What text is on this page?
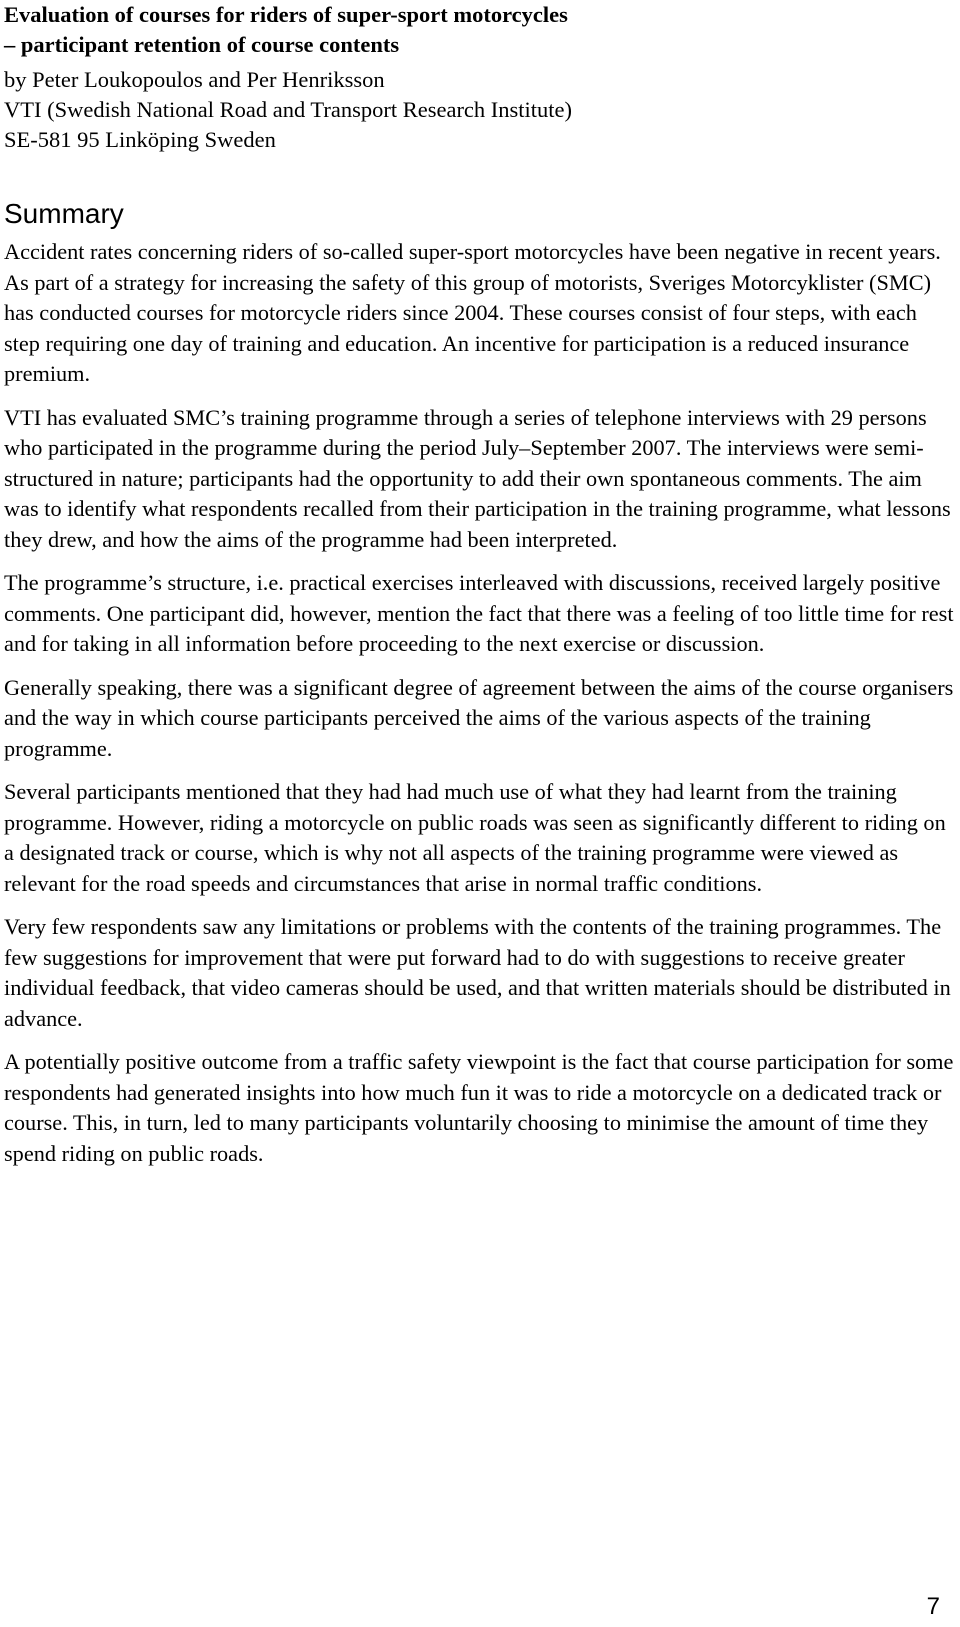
Evaluation of courses for riders of super-sport motorcycles
– participant retention of course contents
by Peter Loukopoulos and Per Henriksson
VTI (Swedish National Road and Transport Research Institute)
SE-581 95 Linköping Sweden
Summary

Accident rates concerning riders of so-called super-sport motorcycles have been negative in recent years. As part of a strategy for increasing the safety of this group of motorists, Sveriges Motorcyklister (SMC) has conducted courses for motorcycle riders since 2004. These courses consist of four steps, with each step requiring one day of training and education. An incentive for participation is a reduced insurance premium.

VTI has evaluated SMC’s training programme through a series of telephone interviews with 29 persons who participated in the programme during the period July–September 2007. The interviews were semi-structured in nature; participants had the opportunity to add their own spontaneous comments. The aim was to identify what respondents recalled from their participation in the training programme, what lessons they drew, and how the aims of the programme had been interpreted.

The programme’s structure, i.e. practical exercises interleaved with discussions, received largely positive comments. One participant did, however, mention the fact that there was a feeling of too little time for rest and for taking in all information before proceeding to the next exercise or discussion.

Generally speaking, there was a significant degree of agreement between the aims of the course organisers and the way in which course participants perceived the aims of the various aspects of the training programme.

Several participants mentioned that they had had much use of what they had learnt from the training programme. However, riding a motorcycle on public roads was seen as significantly different to riding on a designated track or course, which is why not all aspects of the training programme were viewed as relevant for the road speeds and circumstances that arise in normal traffic conditions.

Very few respondents saw any limitations or problems with the contents of the training programmes. The few suggestions for improvement that were put forward had to do with suggestions to receive greater individual feedback, that video cameras should be used, and that written materials should be distributed in advance.

A potentially positive outcome from a traffic safety viewpoint is the fact that course participation for some respondents had generated insights into how much fun it was to ride a motorcycle on a dedicated track or course. This, in turn, led to many participants voluntarily choosing to minimise the amount of time they spend riding on public roads.

7
